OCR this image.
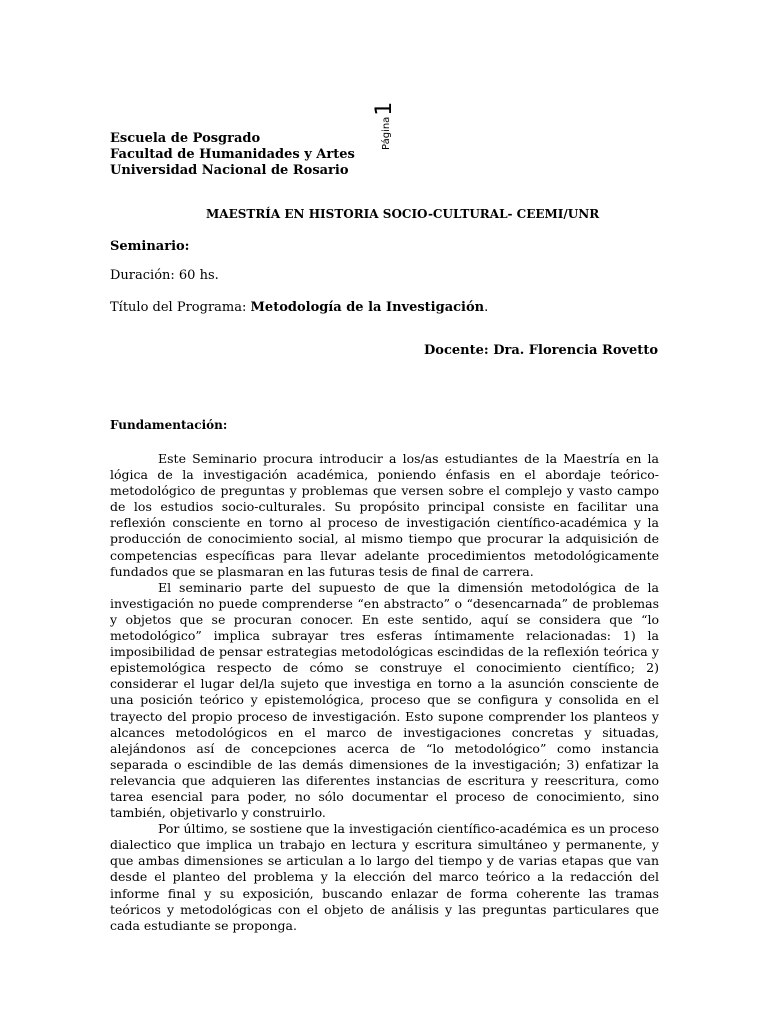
Página1
Escuela de Posgrado
Facultad de Humanidades y Artes
Universidad Nacional de Rosario
MAESTRÍA EN HISTORIA SOCIO-CULTURAL- CEEMI/UNR
Seminario:
Duración: 60 hs.
Título del Programa: Metodología de la Investigación.
Docente: Dra. Florencia Rovetto
Fundamentación:

Este Seminario procura introducir a los/as estudiantes de la Maestría en la lógica de la investigación académica, poniendo énfasis en el abordaje teórico-metodológico de preguntas y problemas que versen sobre el complejo y vasto campo de los estudios socio-culturales. Su propósito principal consiste en facilitar una reflexión consciente en torno al proceso de investigación científico-académica y la producción de conocimiento social, al mismo tiempo que procurar la adquisición de competencias específicas para llevar adelante procedimientos metodológicamente fundados que se plasmaran en las futuras tesis de final de carrera.

El seminario parte del supuesto de que la dimensión metodológica de la investigación no puede comprenderse “en abstracto” o “desencarnada” de problemas y objetos que se procuran conocer. En este sentido, aquí se considera que “lo metodológico” implica subrayar tres esferas íntimamente relacionadas: 1) la imposibilidad de pensar estrategias metodológicas escindidas de la reflexión teórica y epistemológica respecto de cómo se construye el conocimiento científico; 2) considerar el lugar del/la sujeto que investiga en torno a la asunción consciente de una posición teórico y epistemológica, proceso que se configura y consolida en el trayecto del propio proceso de investigación. Esto supone comprender los planteos y alcances metodológicos en el marco de investigaciones concretas y situadas, alejándonos así de concepciones acerca de “lo metodológico” como instancia separada o escindible de las demás dimensiones de la investigación; 3) enfatizar la relevancia que adquieren las diferentes instancias de escritura y reescritura, como tarea esencial para poder, no sólo documentar el proceso de conocimiento, sino también, objetivarlo y construirlo.

Por último, se sostiene que la investigación científico-académica es un proceso dialectico que implica un trabajo en lectura y escritura simultáneo y permanente, y que ambas dimensiones se articulan a lo largo del tiempo y de varias etapas que van desde el planteo del problema y la elección del marco teórico a la redacción del informe final y su exposición, buscando enlazar de forma coherente las tramas teóricos y metodológicas con el objeto de análisis y las preguntas particulares que cada estudiante se proponga.
